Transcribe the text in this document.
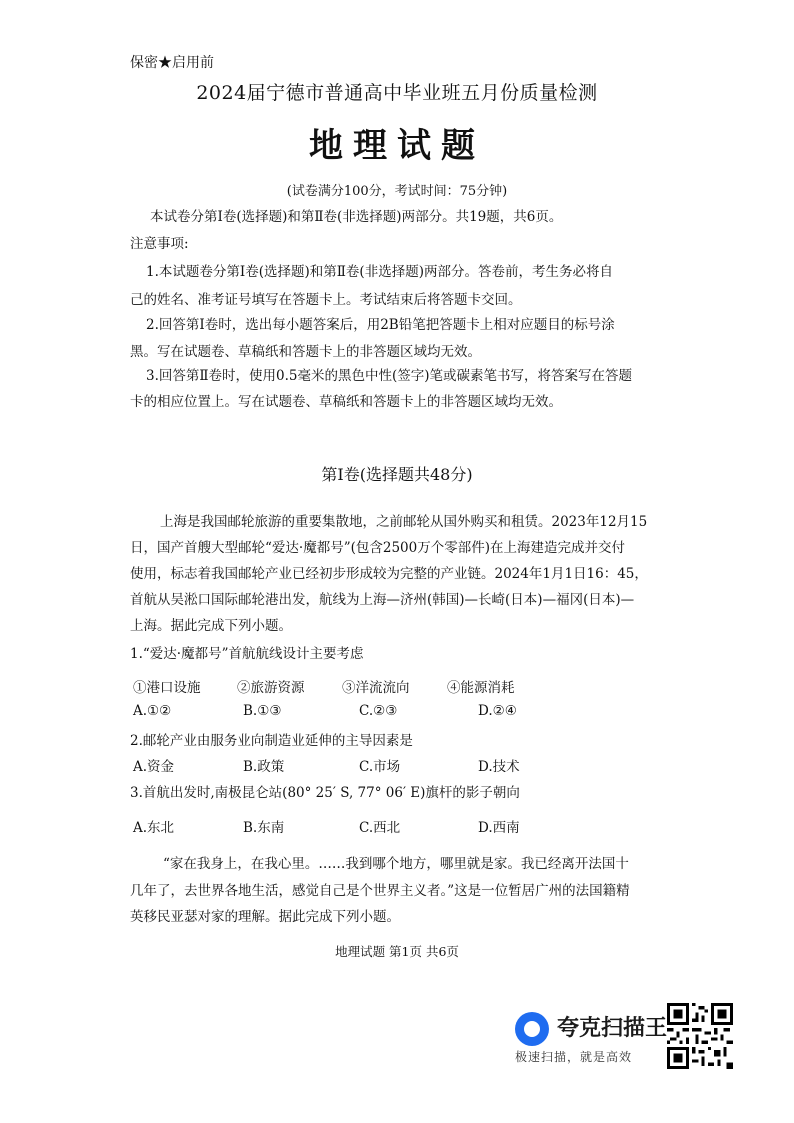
保密★启用前
2024届宁德市普通高中毕业班五月份质量检测
地理试题
(试卷满分100分，考试时间：75分钟)
本试卷分第Ⅰ卷(选择题)和第Ⅱ卷(非选择题)两部分。共19题，共6页。
注意事项:
1.本试题卷分第Ⅰ卷(选择题)和第Ⅱ卷(非选择题)两部分。答卷前，考生务必将自
己的姓名、准考证号填写在答题卡上。考试结束后将答题卡交回。
2.回答第Ⅰ卷时，选出每小题答案后，用2B铅笔把答题卡上相对应题目的标号涂
黑。写在试题卷、草稿纸和答题卡上的非答题区域均无效。
3.回答第Ⅱ卷时，使用0.5毫米的黑色中性(签字)笔或碳素笔书写，将答案写在答题
卡的相应位置上。写在试题卷、草稿纸和答题卡上的非答题区域均无效。
第Ⅰ卷(选择题共48分)
上海是我国邮轮旅游的重要集散地，之前邮轮从国外购买和租赁。2023年12月15
日，国产首艘大型邮轮“爱达·魔都号”(包含2500万个零部件)在上海建造完成并交付
使用，标志着我国邮轮产业已经初步形成较为完整的产业链。2024年1月1日16：45，
首航从吴淞口国际邮轮港出发，航线为上海—济州(韩国)—长崎(日本)—福冈(日本)—
上海。据此完成下列小题。
1.“爱达·魔都号”首航航线设计主要考虑
①港口设施	②旅游资源	③洋流流向	④能源消耗
A.①②	B.①③	C.②③	D.②④
2.邮轮产业由服务业向制造业延伸的主导因素是
A.资金	B.政策	C.市场	D.技术
3.首航出发时,南极昆仑站(80° 25′ S, 77° 06′ E)旗杆的影子朝向
A.东北	B.东南	C.西北	D.西南
“家在我身上，在我心里。……我到哪个地方，哪里就是家。我已经离开法国十
几年了，去世界各地生活，感觉自己是个世界主义者。”这是一位暂居广州的法国籍精
英移民亚瑟对家的理解。据此完成下列小题。
地理试题 第1页 共6页
夸克扫描王
极速扫描，就是高效
